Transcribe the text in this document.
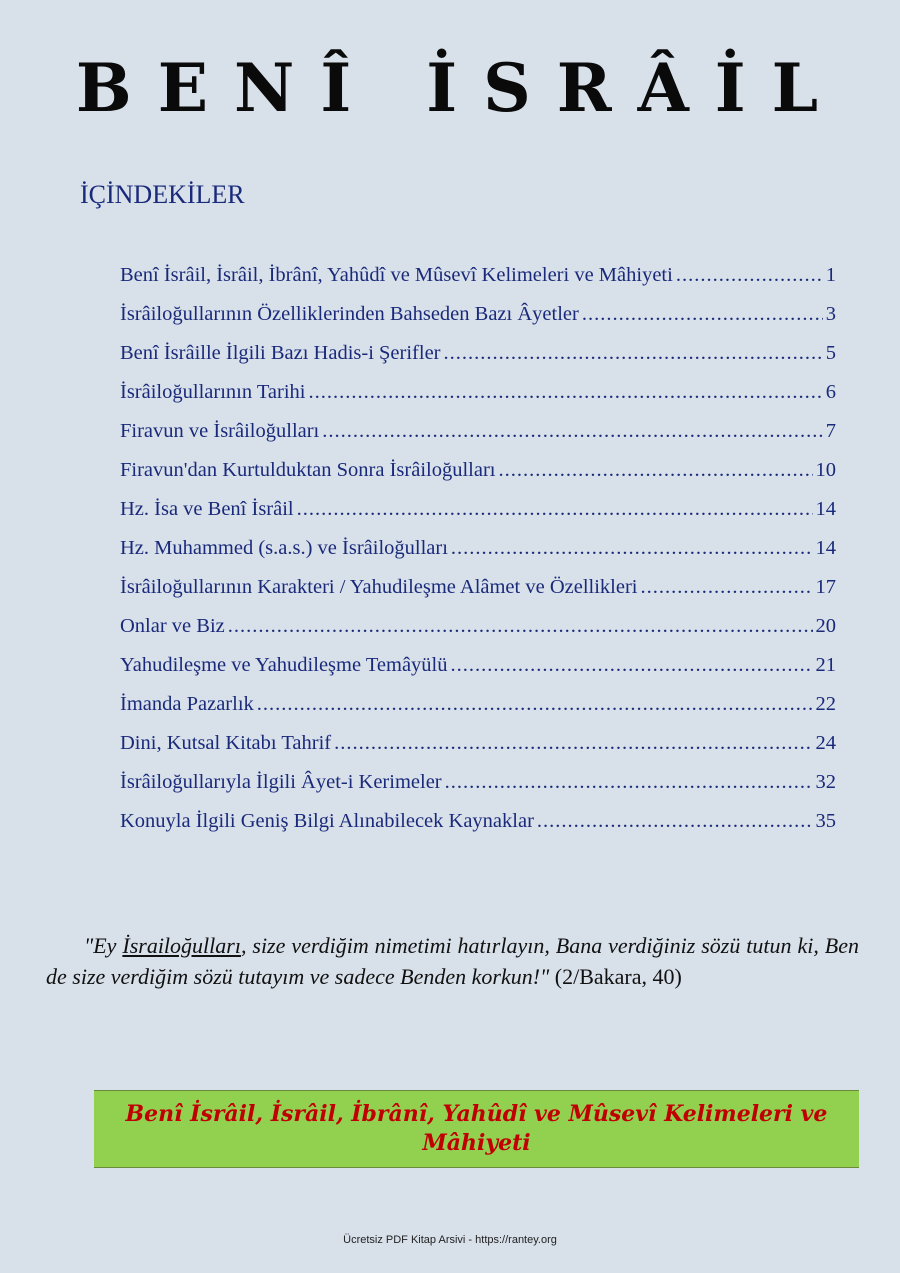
BENÎ İSRÂİL
İÇİNDEKİLER
Benî İsrâil, İsrâil, İbrânî, Yahûdî ve Mûsevî Kelimeleri ve Mâhiyeti .....	1
İsrâiloğullarının Özelliklerinden Bahseden Bazı Âyetler .....	3
Benî İsrâille İlgili Bazı Hadis-i Şerifler .....	5
İsrâiloğullarının Tarihi .....	6
Firavun ve İsrâiloğulları .....	7
Firavun'dan Kurtulduktan Sonra İsrâiloğulları .....	10
Hz. İsa ve Benî İsrâil .....	14
Hz. Muhammed (s.a.s.) ve İsrâiloğulları .....	14
İsrâiloğullarının Karakteri / Yahudileşme Alâmet ve Özellikleri .....	17
Onlar ve Biz .....	20
Yahudileşme ve Yahudileşme Temâyülü .....	21
İmanda Pazarlık .....	22
Dini, Kutsal Kitabı Tahrif .....	24
İsrâiloğullarıyla İlgili Âyet-i Kerimeler .....	32
Konuyla İlgili Geniş Bilgi Alınabilecek Kaynaklar .....	35
"Ey İsrailoğulları, size verdiğim nimetimi hatırlayın, Bana verdiğiniz sözü tutun ki, Ben de size verdiğim sözü tutayım ve sadece Benden korkun!" (2/Bakara, 40)
Benî İsrâil, İsrâil, İbrânî, Yahûdî ve Mûsevî Kelimeleri ve Mâhiyeti
Ücretsiz PDF Kitap Arsivi - https://rantey.org
